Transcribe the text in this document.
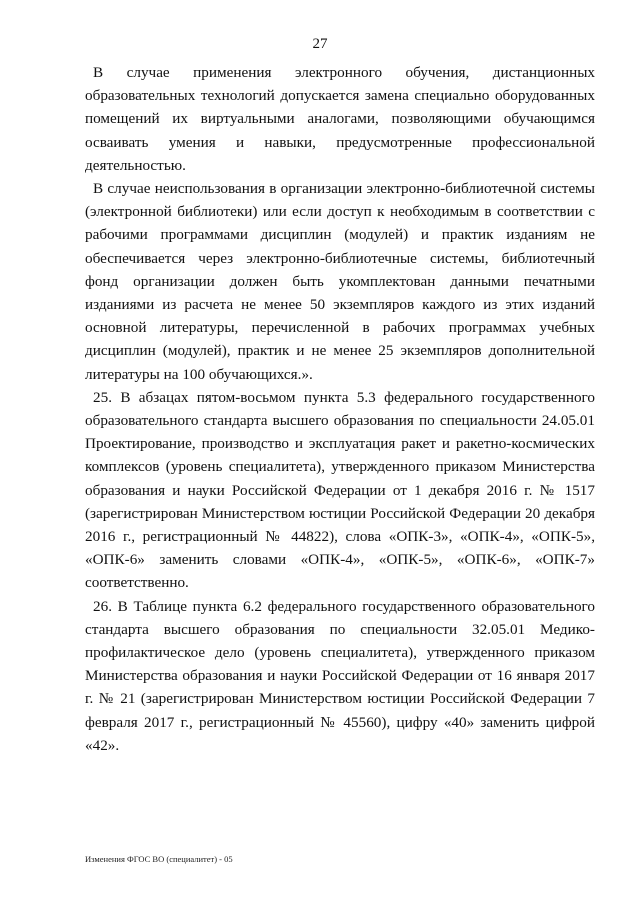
27

В случае применения электронного обучения, дистанционных образовательных технологий допускается замена специально оборудованных помещений их виртуальными аналогами, позволяющими обучающимся осваивать умения и навыки, предусмотренные профессиональной деятельностью.

В случае неиспользования в организации электронно-библиотечной системы (электронной библиотеки) или если доступ к необходимым в соответствии с рабочими программами дисциплин (модулей) и практик изданиям не обеспечивается через электронно-библиотечные системы, библиотечный фонд организации должен быть укомплектован данными печатными изданиями из расчета не менее 50 экземпляров каждого из этих изданий основной литературы, перечисленной в рабочих программах учебных дисциплин (модулей), практик и не менее 25 экземпляров дополнительной литературы на 100 обучающихся.».

25. В абзацах пятом-восьмом пункта 5.3 федерального государственного образовательного стандарта высшего образования по специальности 24.05.01 Проектирование, производство и эксплуатация ракет и ракетно-космических комплексов (уровень специалитета), утвержденного приказом Министерства образования и науки Российской Федерации от 1 декабря 2016 г. № 1517 (зарегистрирован Министерством юстиции Российской Федерации 20 декабря 2016 г., регистрационный № 44822), слова «ОПК-3», «ОПК-4», «ОПК-5», «ОПК-6» заменить словами «ОПК-4», «ОПК-5», «ОПК-6», «ОПК-7» соответственно.

26. В Таблице пункта 6.2 федерального государственного образовательного стандарта высшего образования по специальности 32.05.01 Медико-профилактическое дело (уровень специалитета), утвержденного приказом Министерства образования и науки Российской Федерации от 16 января 2017 г. № 21 (зарегистрирован Министерством юстиции Российской Федерации 7 февраля 2017 г., регистрационный № 45560), цифру «40» заменить цифрой «42».

Изменения ФГОС ВО (специалитет) - 05
